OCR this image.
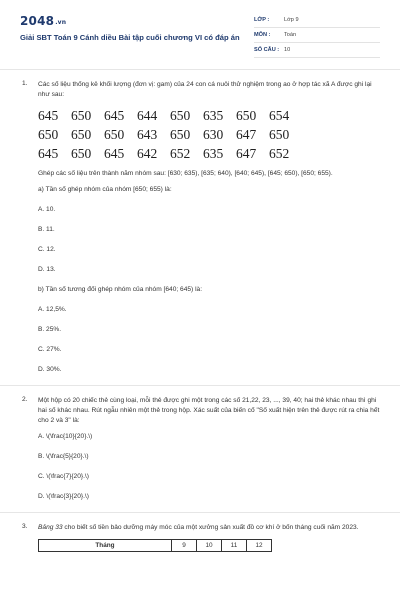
2048.vn
Giải SBT Toán 9 Cánh diều Bài tập cuối chương VI có đáp án
LỚP :	Lớp 9
MÔN : Toán
SỐ CÂU : 10
1. Các số liệu thống kê khối lượng (đơn vị: gam) của 24 con cá nuôi thử nghiệm trong ao ở hợp tác xã A được ghi lại như sau:

645	650	645	644	650	635	650	654
650	650	650	643	650	630	647	650
645	650	645	642	652	635	647	652

Ghép các số liệu trên thành năm nhóm sau: [630; 635), [635; 640), [640; 645), [645; 650), [650; 655).

a) Tần số ghép nhóm của nhóm [650; 655) là:

A. 10.

B. 11.

C. 12.

D. 13.

b) Tần số tương đối ghép nhóm của nhóm [640; 645) là:

A. 12,5%.

B. 25%.

C. 27%.

D. 30%.

2. Một hộp có 20 chiếc thẻ cùng loại, mỗi thẻ được ghi một trong các số 21,22, 23, ..., 39, 40; hai thẻ khác nhau thì ghi hai số khác nhau. Rút ngẫu nhiên một thẻ trong hộp. Xác suất của biến cố "Số xuất hiện trên thẻ được rút ra chia hết cho 2 và 3" là:

A. \(\frac{10}{20}.\)

B. \(\frac{5}{20}.\)

C. \(\frac{7}{20}.\)

D. \(\frac{3}{20}.\)

3. Bảng 33 cho biết số tiền bảo dưỡng máy móc của một xưởng sản xuất đồ cơ khí ở bốn tháng cuối năm 2023.

Tháng	9	10	11	12
